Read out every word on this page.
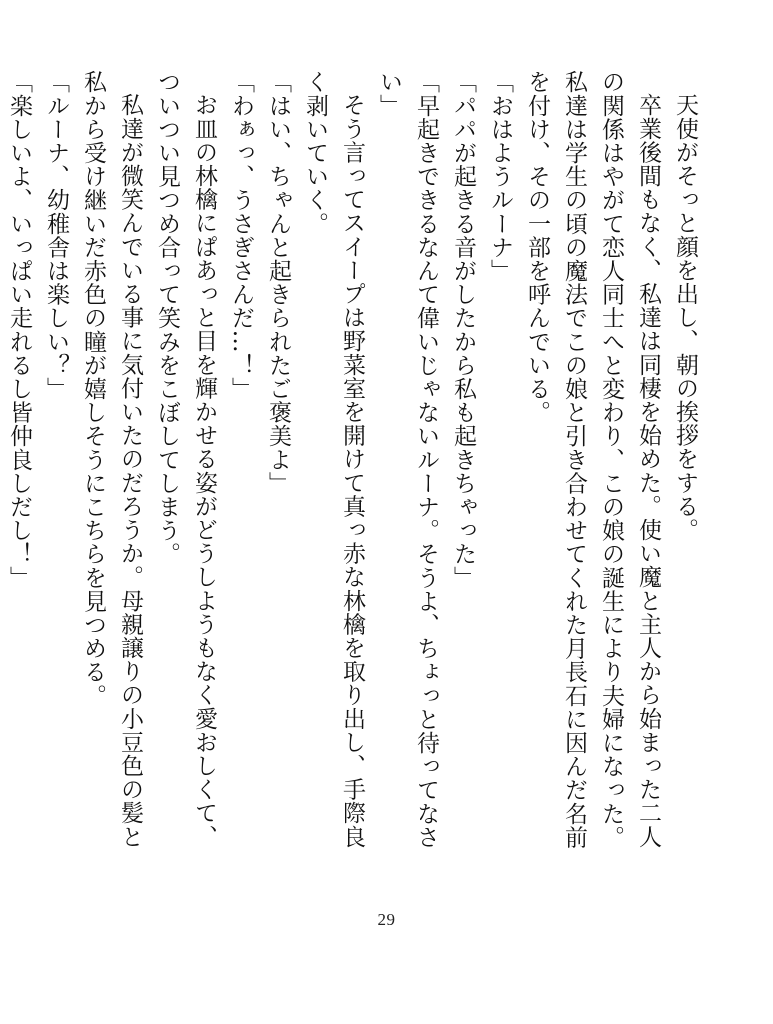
天使がそっと顔を出し、朝の挨拶をする。

卒業後間もなく、私達は同棲を始めた。使い魔と主人から始まった二人の関係はやがて恋人同士へと変わり、この娘の誕生により夫婦になった。私達は学生の頃の魔法でこの娘と引き合わせてくれた月長石に因んだ名前を付け、その一部を呼んでいる。

「おはようルーナ」

「パパが起きる音がしたから私も起きちゃった」

「早起きできるなんて偉いじゃないルーナ。そうよ、ちょっと待ってなさい」

そう言ってスイープは野菜室を開けて真っ赤な林檎を取り出し、手際良く剥いていく。

「はい、ちゃんと起きられたご褒美よ」

「わぁっ、うさぎさんだ…！」

お皿の林檎にぱあっと目を輝かせる姿がどうしようもなく愛おしくて、ついつい見つめ合って笑みをこぼしてしまう。

私達が微笑んでいる事に気付いたのだろうか。母親譲りの小豆色の髪と私から受け継いだ赤色の瞳が嬉しそうにこちらを見つめる。

「ルーナ、幼稚舎は楽しい？」

「楽しいよ、いっぱい走れるし皆仲良しだし！」

29
